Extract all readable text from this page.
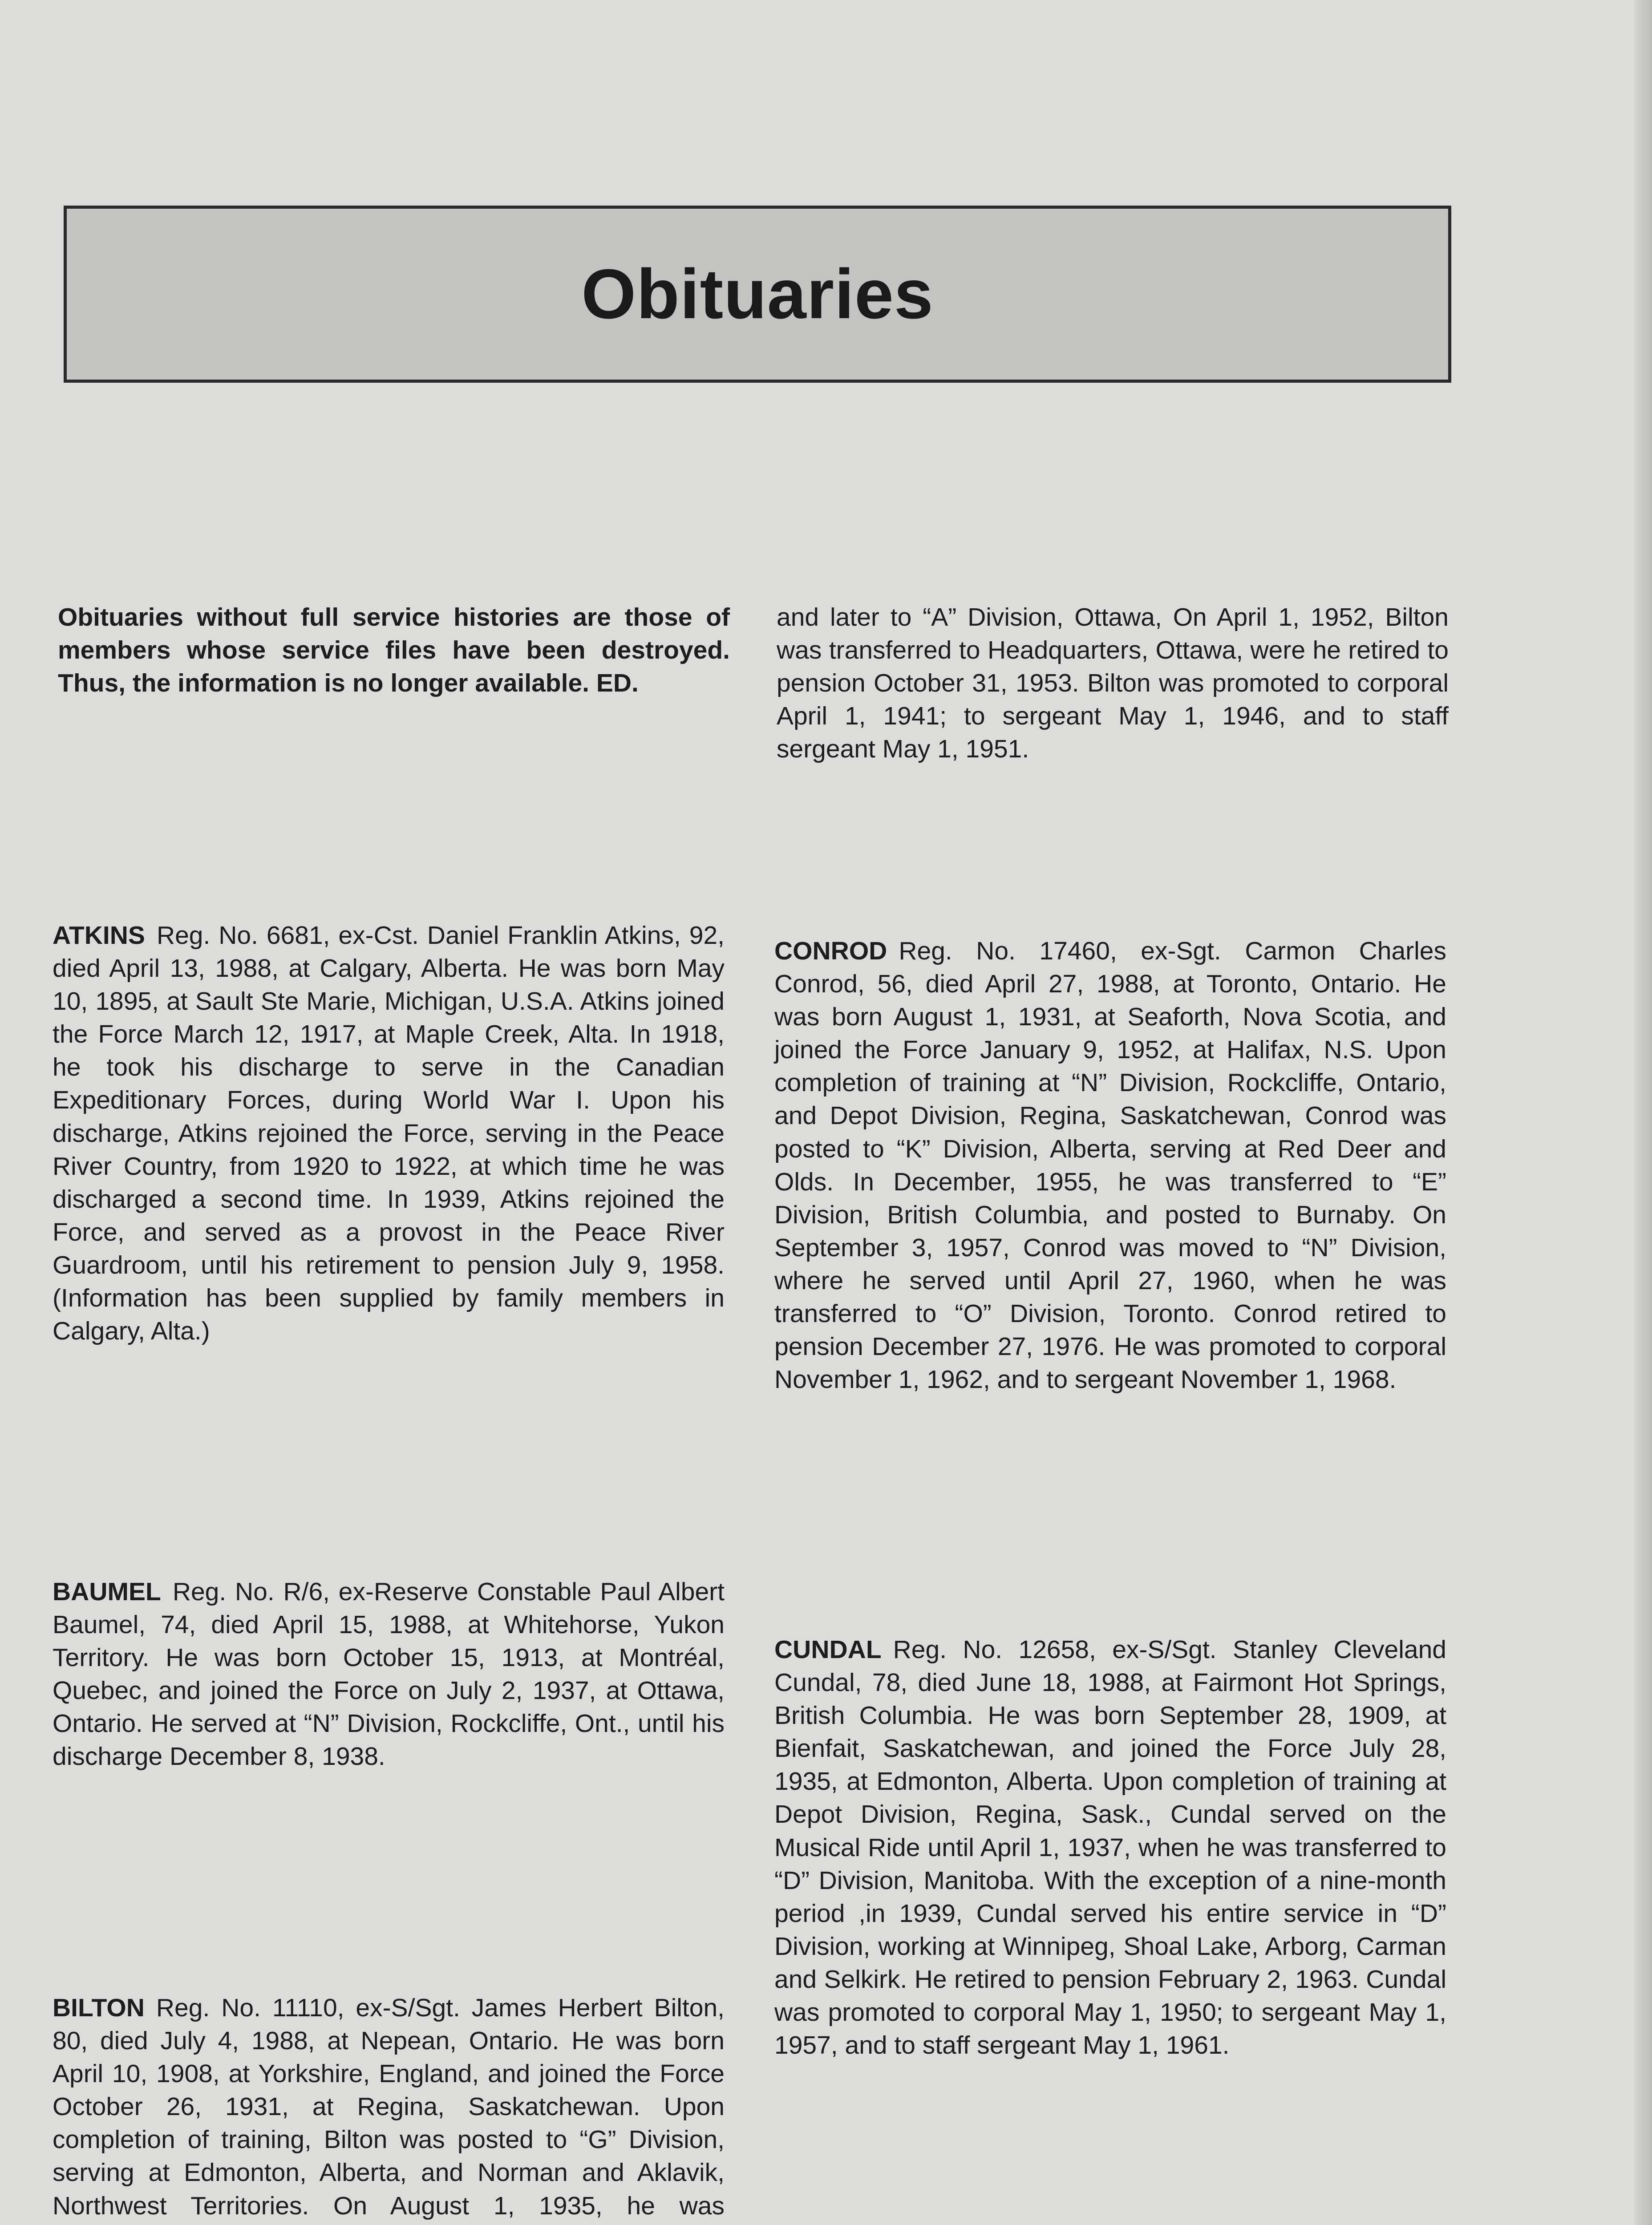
Obituaries

Obituaries without full service histories are those of members whose service files have been destroyed. Thus, the information is no longer available. ED.

and later to “A” Division, Ottawa, On April 1, 1952, Bilton was transferred to Headquarters, Ottawa, were he retired to pension October 31, 1953. Bilton was promoted to corporal April 1, 1941; to sergeant May 1, 1946, and to staff sergeant May 1, 1951.

ATKINS Reg. No. 6681, ex-Cst. Daniel Franklin Atkins, 92, died April 13, 1988, at Calgary, Alberta. He was born May 10, 1895, at Sault Ste Marie, Michigan, U.S.A. Atkins joined the Force March 12, 1917, at Maple Creek, Alta. In 1918, he took his discharge to serve in the Canadian Expeditionary Forces, during World War I. Upon his discharge, Atkins rejoined the Force, serving in the Peace River Country, from 1920 to 1922, at which time he was discharged a second time. In 1939, Atkins rejoined the Force, and served as a provost in the Peace River Guardroom, until his retirement to pension July 9, 1958. (Information has been supplied by family members in Calgary, Alta.)

BAUMEL Reg. No. R/6, ex-Reserve Constable Paul Albert Baumel, 74, died April 15, 1988, at Whitehorse, Yukon Territory. He was born October 15, 1913, at Montréal, Quebec, and joined the Force on July 2, 1937, at Ottawa, Ontario. He served at “N” Division, Rockcliffe, Ont., until his discharge December 8, 1938.

BILTON Reg. No. 11110, ex-S/Sgt. James Herbert Bilton, 80, died July 4, 1988, at Nepean, Ontario. He was born April 10, 1908, at Yorkshire, England, and joined the Force October 26, 1931, at Regina, Saskatchewan. Upon completion of training, Bilton was posted to “G” Division, serving at Edmonton, Alberta, and Norman and Aklavik, Northwest Territories. On August 1, 1935, he was

CONROD Reg. No. 17460, ex-Sgt. Carmon Charles Conrod, 56, died April 27, 1988, at Toronto, Ontario. He was born August 1, 1931, at Seaforth, Nova Scotia, and joined the Force January 9, 1952, at Halifax, N.S. Upon completion of training at “N” Division, Rockcliffe, Ontario, and Depot Division, Regina, Saskatchewan, Conrod was posted to “K” Division, Alberta, serving at Red Deer and Olds. In December, 1955, he was transferred to “E” Division, British Columbia, and posted to Burnaby. On September 3, 1957, Conrod was moved to “N” Division, where he served until April 27, 1960, when he was transferred to “O” Division, Toronto. Conrod retired to pension December 27, 1976. He was promoted to corporal November 1, 1962, and to sergeant November 1, 1968.

CUNDAL Reg. No. 12658, ex-S/Sgt. Stanley Cleveland Cundal, 78, died June 18, 1988, at Fairmont Hot Springs, British Columbia. He was born September 28, 1909, at Bienfait, Saskatchewan, and joined the Force July 28, 1935, at Edmonton, Alberta. Upon completion of training at Depot Division, Regina, Sask., Cundal served on the Musical Ride until April 1, 1937, when he was transferred to “D” Division, Manitoba. With the exception of a nine-month period ,in 1939, Cundal served his entire service in “D” Division, working at Winnipeg, Shoal Lake, Arborg, Carman and Selkirk. He retired to pension February 2, 1963. Cundal was promoted to corporal May 1, 1950; to sergeant May 1, 1957, and to staff sergeant May 1, 1961.
